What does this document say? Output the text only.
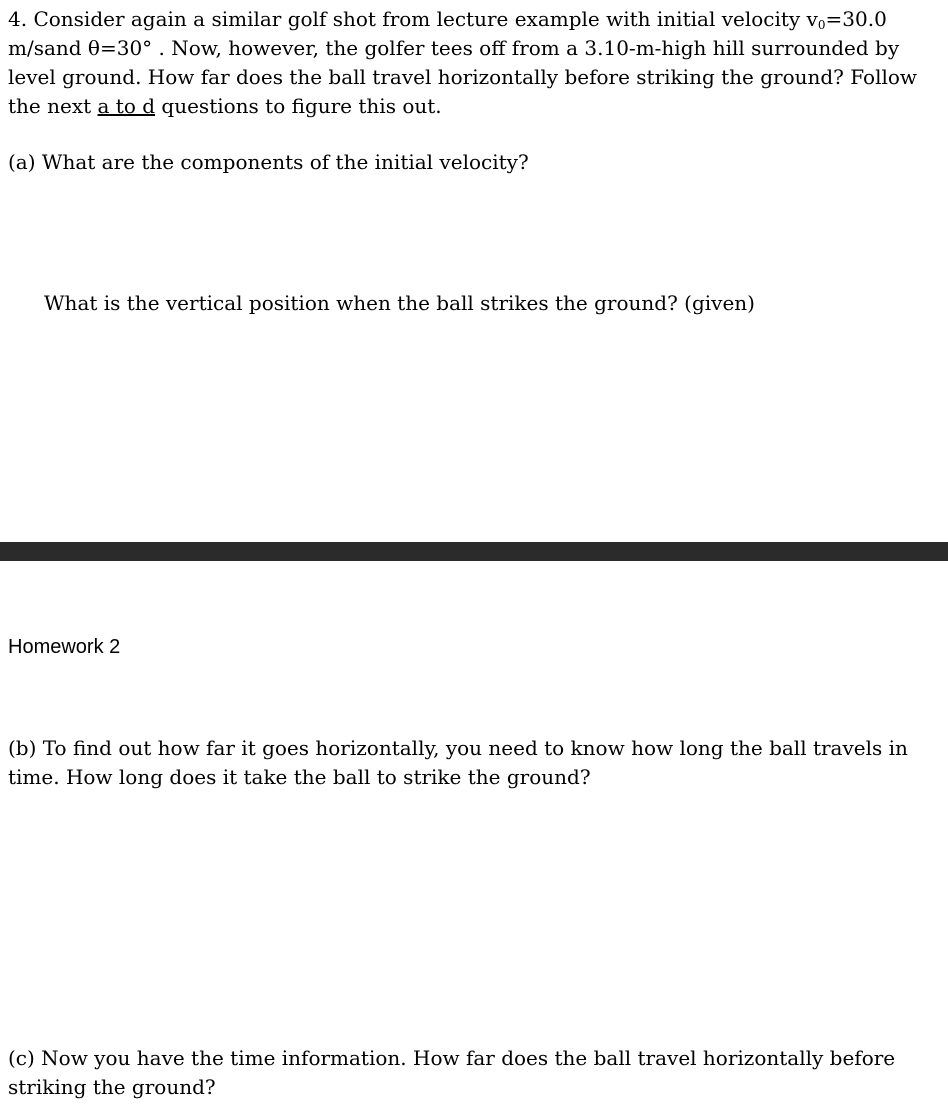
4. Consider again a similar golf shot from lecture example with initial velocity $v_0=30.0$ m/sand θ=30° . Now, however, the golfer tees off from a 3.10-m-high hill surrounded by level ground. How far does the ball travel horizontally before striking the ground? Follow the next a to d questions to figure this out.

(a) What are the components of the initial velocity?

What is the vertical position when the ball strikes the ground? (given)

Homework 2

(b) To find out how far it goes horizontally, you need to know how long the ball travels in time. How long does it take the ball to strike the ground?

(c) Now you have the time information. How far does the ball travel horizontally before striking the ground?
